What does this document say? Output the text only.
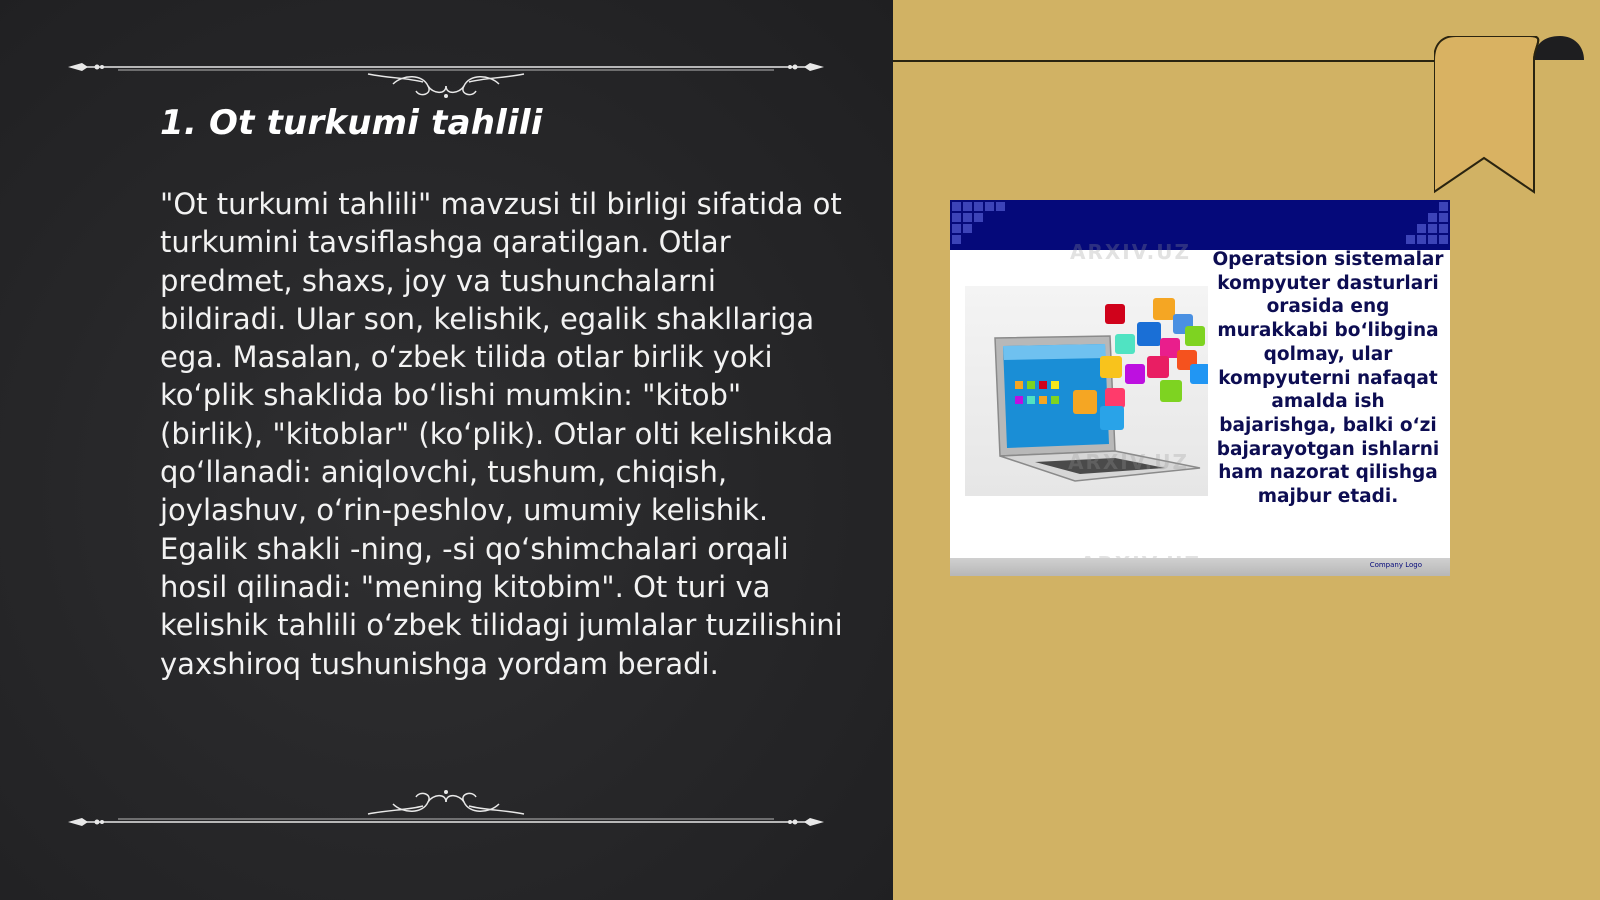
1. Ot turkumi tahlili

"Ot turkumi tahlili" mavzusi til birligi sifatida ot turkumini tavsiflashga qaratilgan. Otlar predmet, shaxs, joy va tushunchalarni bildiradi. Ular son, kelishik, egalik shakllariga ega. Masalan, o‘zbek tilida otlar birlik yoki ko‘plik shaklida bo‘lishi mumkin: "kitob" (birlik), "kitoblar" (ko‘plik). Otlar olti kelishikda qo‘llanadi: aniqlovchi, tushum, chiqish, joylashuv, o‘rin-peshlov, umumiy kelishik. Egalik shakli -ning, -si qo‘shimchalari orqali hosil qilinadi: "mening kitobim". Ot turi va kelishik tahlili o‘zbek tilidagi jumlalar tuzilishini yaxshiroq tushunishga yordam beradi.

ARXIV.UZ
ARXIV.UZ

Operatsion sistemalar kompyuter dasturlari orasida eng murakkabi bo‘libgina qolmay, ular kompyuterni nafaqat amalda ish bajarishga, balki o‘zi bajarayotgan ishlarni ham nazorat qilishga majbur etadi.

Company Logo
